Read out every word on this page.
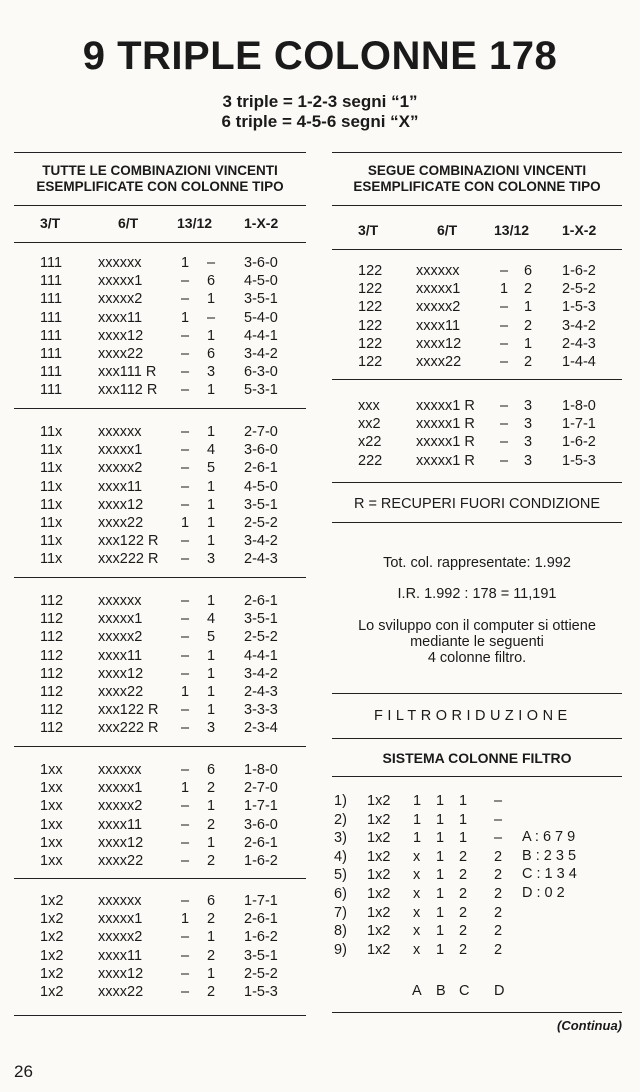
9 TRIPLE COLONNE 178
3 triple = 1-2-3 segni “1”
6 triple = 4-5-6 segni “X”
TUTTE LE COMBINAZIONI VINCENTI
ESEMPLIFICATE CON COLONNE TIPO
3/T	6/T	13/12 1-X-2
111 xxxxxx	1 – 3-6-0
111 xxxxx1	– 6 4-5-0
111 xxxxx2	– 1 3-5-1
111 xxxx11	1 – 5-4-0
111 xxxx12	– 1 4-4-1
111 xxxx22	– 6 3-4-2
111 xxx111 R – 3 6-3-0
111 xxx112 R – 1 5-3-1
11x xxxxxx	– 1 2-7-0
11x xxxxx1	– 4 3-6-0
11x xxxxx2	– 5 2-6-1
11x xxxx11	– 1 4-5-0
11x xxxx12	– 1 3-5-1
11x xxxx22	1 1 2-5-2
11x xxx122 R – 1 3-4-2
11x xxx222 R – 3 2-4-3
112 xxxxxx	– 1 2-6-1
112 xxxxx1	– 4 3-5-1
112 xxxxx2	– 5 2-5-2
112 xxxx11	– 1 4-4-1
112 xxxx12	– 1 3-4-2
112 xxxx22	1 1 2-4-3
112 xxx122 R – 1 3-3-3
112 xxx222 R – 3 2-3-4
1xx xxxxxx	– 6 1-8-0
1xx xxxxx1	1 2 2-7-0
1xx xxxxx2	– 1 1-7-1
1xx xxxx11	– 2 3-6-0
1xx xxxx12	– 1 2-6-1
1xx xxxx22	– 2 1-6-2
1x2 xxxxxx	– 6 1-7-1
1x2 xxxxx1	1 2 2-6-1
1x2 xxxxx2	– 1 1-6-2
1x2 xxxx11	– 2 3-5-1
1x2 xxxx12	– 1 2-5-2
1x2 xxxx22	– 2 1-5-3
SEGUE COMBINAZIONI VINCENTI
ESEMPLIFICATE CON COLONNE TIPO
3/T	6/T	13/12 1-X-2
122 xxxxxx	– 6 1-6-2
122 xxxxx1	1 2 2-5-2
122 xxxxx2	– 1 1-5-3
122 xxxx11	– 2 3-4-2
122 xxxx12	– 1 2-4-3
122 xxxx22	– 2 1-4-4
xxx	xxxxx1 R – 3 1-8-0
xx2 xxxxx1 R – 3 1-7-1
x22 xxxxx1 R – 3 1-6-2
222 xxxxx1 R – 3 1-5-3
R = RECUPERI FUORI CONDIZIONE
Tot. col. rappresentate: 1.992
I.R. 1.992 : 178 = 11,191
Lo sviluppo con il computer si ottiene
mediante le seguenti
4 colonne filtro.
FILTRORIDUZIONE
SISTEMA COLONNE FILTRO
1) 1x2 1 1 1 –
2) 1x2 1 1 1 –
3) 1x2 1 1 1 –
4) 1x2 x 1 2 2
5) 1x2 x 1 2 2
6) 1x2 x 1 2 2
7) 1x2 x 1 2 2
8) 1x2 x 1 2 2
9) 1x2 x 1 2 2
A : 6 7 9
B : 2 3 5
C : 1 3 4
D : 0 2
A B C D
(Continua)
26
